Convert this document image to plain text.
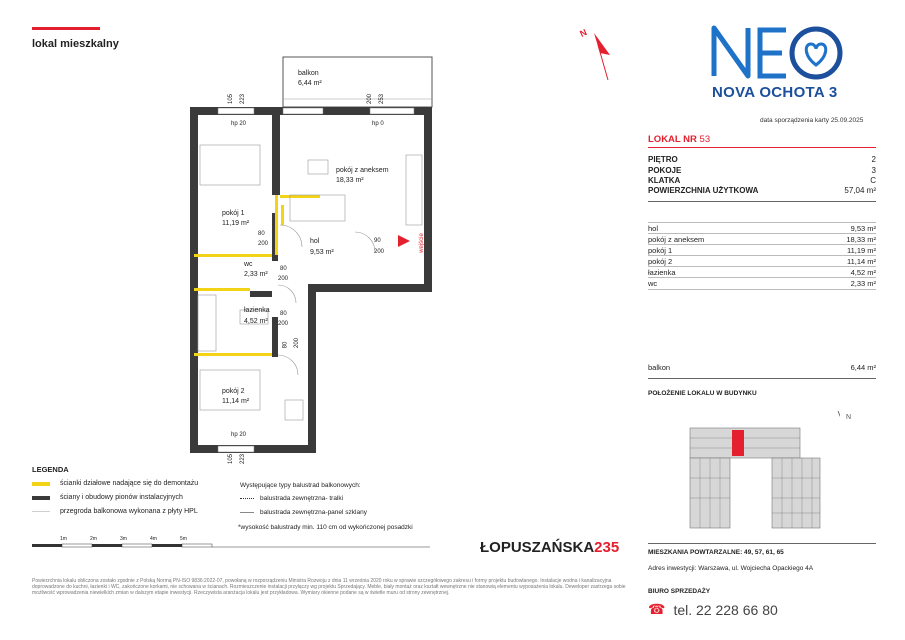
lokal mieszkalny
balkon
6,44 m²
pokój z aneksem
18,33 m²
hol
9,53 m²
pokój 1
11,19 m²
wc
2,33 m²
łazienka
4,52 m²
pokój 2
11,14 m²
105 223
hp 20
200 253
hp 0
80
200	90
200
80
200
80
200
80 200
hp 20
105 223
wejście
N
NOVA OCHOTA 3
data sporządzenia karty 25.09.2025
LOKAL NR 53
PIĘTRO	2
POKOJE	3
KLATKA	C
POWIERZCHNIA UŻYTKOWA	57,04 m²
hol	9,53 m²
pokój z aneksem	18,33 m²
pokój 1	11,19 m²
pokój 2	11,14 m²
łazienka	4,52 m²
wc	2,33 m²
balkon	6,44 m²
POŁOŻENIE LOKALU W BUDYNKU
N
MIESZKANIA POWTARZALNE: 49, 57, 61, 65
Adres inwestycji: Warszawa, ul. Wojciecha Opackiego 4A
BIURO SPRZEDAŻY
☎ tel. 22 228 66 80
LEGENDA
ścianki działowe nadające się do demontażu
ściany i obudowy pionów instalacyjnych
przegroda balkonowa wykonana z płyty HPL
Występujące typy balustrad balkonowych:
balustrada zewnętrzna- tralki
balustrada zewnętrzna-panel szklany
*wysokość balustrady min. 110 cm od wykończonej posadzki
1m	2m	3m	4m	5m	ŁOPUSZAŃSKA235
Powierzchnia lokalu obliczona zostało zgodnie z Polską Normą PN-ISO 9836:2022-07, powołaną w rozporządzeniu Ministra Rozwoju z dnia 11 września 2020 roku w sprawie szczegółowego zakresu i formy projektu budowlanego. Instalacje wodna i kanalizacyjna doprowadzone do kuchni, łazienki i WC, zakończone korkami, nie schowana w ścianach. Rozmieszczenie instalacji przyłączy wg projektu Sprzedający. Meble, biały montaż oraz kształt wewnętrzne nie stanowią elementu wyposażenia lokalu. Deweloper zastrzega sobie możliwość wprowadzenia niewielkich zmian w dalszym etapie inwestycji. Rzeczywista aranżacja lokalu jest przykładowa. Wymiary okienne podane są w świetle muru od strony zewnętrznej.
